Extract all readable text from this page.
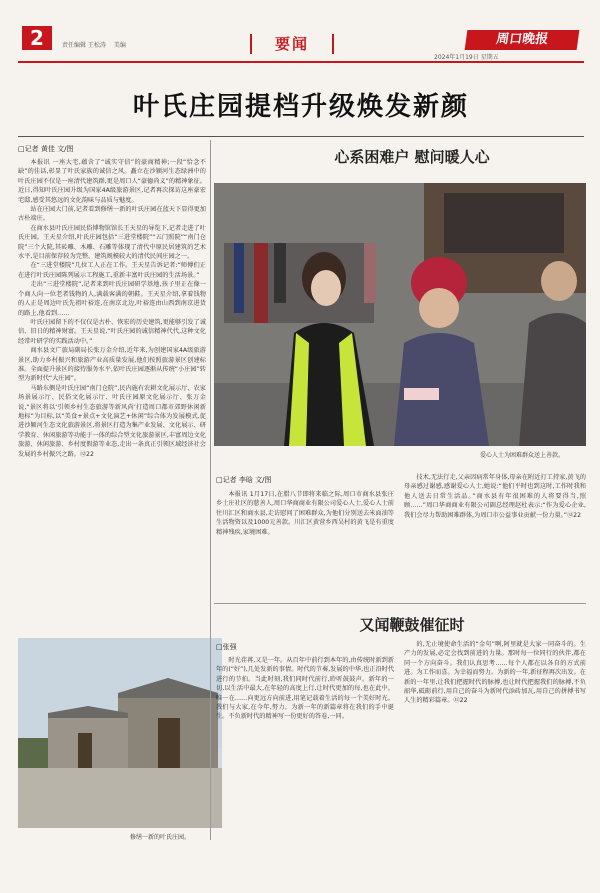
2	责任编辑 王松涛 美编	要闻	周口晚报
2024年1月19日 星期五
叶氏庄园提档升级焕发新颜
□记者 黄佳 文/图

本报讯 一座大宅,蕴含了“诚实守信”的豪商精神;一段“恰念不缺”的佳话,彰显了叶氏家族的诚信之风。矗立在沙颍河生态绿洲中的叶氏庄园不仅是一座清代建筑群,更是周口人“豪德尚义”的精神象征。近日,得知叶氏庄园升级为国家4A级旅游景区,记者再次探访这座豪宏宅邸,感受其悠远的文化韵味与品质与魅度。

站在庄园大门前,记者看到修缮一新的叶氏庄园在蓝天下显得更加古朴端庄。

在商水县叶氏庄园民俗博物馆馆长王天星的导览下,记者走进了叶氏庄园。王天星介绍,叶氏庄园包括“三进堂楼院”“五门照院”“南门仓院”三个大院,其砖雕、木雕、石雕等体现了清代中原民居建筑的艺术水平,是目前保存较为完整、建筑规模较大的清代民间庄园之一。

在“三进堂楼院”几位工人正在工作。王天星告诉记者:“师傅们正在进行叶氏庄园陈列展示工程施工,重新丰富叶氏庄园的生活场景。”

走出“三进堂楼院”,记者来到叶氏庄园研学基地,孩子里正在像一个商人向一位老者钱物的人,满载客满的朝鞋。王天星介绍,拿着钱物的人正是周边叶氏先祖叶裕连,在南京北边,叶裕连由山西到南京进货的路上,他看到……

叶氏庄园留下的不仅仅是古朴、恢宏的历史建筑,更能够引发了诚信、旧日的精神财富。王天星说,“叶氏庄园的诚信精神代代,这种文化经常叶研学的实践活动中。”

商水县文广旅局副局长张万金介绍,近年来,为创建国家4A级旅游景区,助力乡村振兴和旅游产业高质量发展,他们按照旅游景区创建标准。全面提升景区的接待服务水平,依叶氏庄园逐渐从传统“小庄园”转型为新时代“大庄园”。

马路东侧是叶氏庄园“南门仓院”,民内施有农耕文化展示厅、农家场景展示厅、民俗文化展示厅、叶氏庄园原文化展示厅、张万金说,“景区将以‘引领乡村生态旅游等新风尚’打造周口都市郊野休闲新地标”为目标,以“美食+景点+文化演艺+休闲”综合体为发展模式,促进沙颍河生态文化旅游景区,将景区打造为集产业发展、文化展示、研学教育、休闲旅游等功能于一体的综合型文化旅游景区,丰富周边文化旅游、休闲旅游、乡村度假游等业态,走出一条真正引领区域经济社会发展的乡村振兴之路。⑫22

修缮一新的叶氏庄园。
心系困难户 慰问暖人心
爱心人士为困难群众送上善款。
□记者 李晗 文/图

本报讯 1月17日,在腊八节即将来临之际,周口市商水县张庄乡土庄社区的慈善人,周口华商商业有限公司爱心人士,爱心人士前往川汇区和商水县,走访慰问了困难群众,为他们分别送去米面油等生活物资以及1000元善款。川汇区黄营乡西吴村的黄飞是有重度精神残疾,家境困难。

技术,无法行走,父亲因病常年身体,母亲在附近打工持家,黄飞的母亲感过谢感,感谢爱心人士,她说:“他们平时也到这时,工作时我和他人送去日常生活品。”商水县有年很困难的人将要得当,照顾……”周口华商商业有限公司副总经理赵杜表示:“作为爱心企业,我们会尽力帮助困难群体,为周口市公益事业贡献一份力量。”⑫22

又闻鞭鼓催征时
□张强

时光荏苒,又是一年。从百年中前行到本年的,由传统时新到新年的(“好”),几处发新的事情。时代的节奏,发展的中华,也正沿时代进行的节拍。当此时刻,我们同时代前行,聆听鼓鼓声。新年的一切,以生活中最大,在年轻的高度上行,让时代更加的每,也在此中。唯一在……向更远方向前进,用笔记载着生活的每一个美好时光。我们与大家,在今年,努力。为新一年的新篇章将在我们的手中诞生。不负新时代的精神写一份更好的答卷,一同。

的,无止境使命生活的“金句”啊,阿里就是大家一同奋斗的。生产力的发展,必定会找到前进的力量。那时每一位同行的伙伴,都在同一个方向奋斗。我们认真思考……每个人都在以各自的方式前进。为工作而喜。为幸福而努力。为新的一年,新征程再次出发。在新的一年里,让我们把握时代的脉搏,也让时代把握我们的脉搏,不负韶华,砥砺前行,用自己的奋斗为新时代添砖加瓦,用自己的拼搏书写人生的精彩篇章。⑫22
